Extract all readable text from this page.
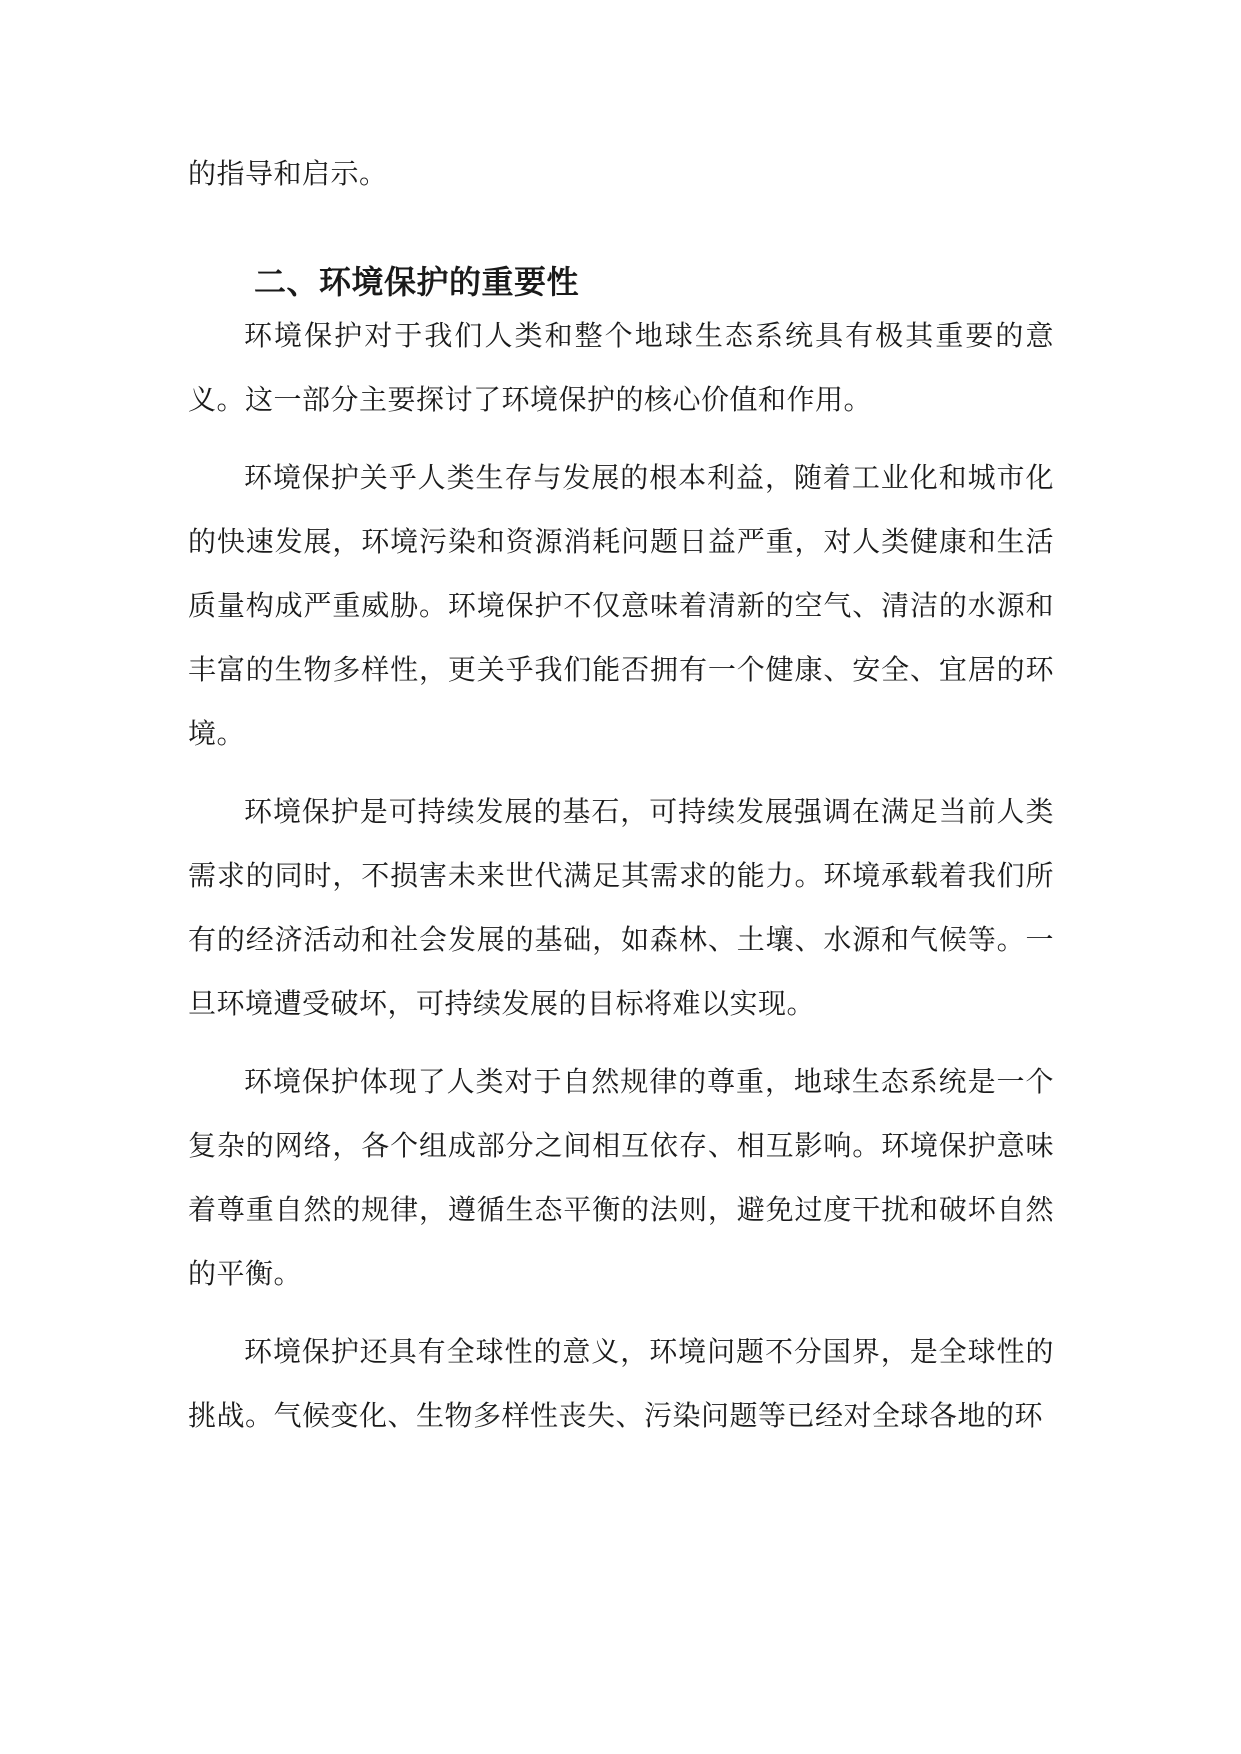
的指导和启示。

二、环境保护的重要性

环境保护对于我们人类和整个地球生态系统具有极其重要的意义。这一部分主要探讨了环境保护的核心价值和作用。

环境保护关乎人类生存与发展的根本利益，随着工业化和城市化的快速发展，环境污染和资源消耗问题日益严重，对人类健康和生活质量构成严重威胁。环境保护不仅意味着清新的空气、清洁的水源和丰富的生物多样性，更关乎我们能否拥有一个健康、安全、宜居的环境。

环境保护是可持续发展的基石，可持续发展强调在满足当前人类需求的同时，不损害未来世代满足其需求的能力。环境承载着我们所有的经济活动和社会发展的基础，如森林、土壤、水源和气候等。一旦环境遭受破坏，可持续发展的目标将难以实现。

环境保护体现了人类对于自然规律的尊重，地球生态系统是一个复杂的网络，各个组成部分之间相互依存、相互影响。环境保护意味着尊重自然的规律，遵循生态平衡的法则，避免过度干扰和破坏自然的平衡。

环境保护还具有全球性的意义，环境问题不分国界，是全球性的挑战。气候变化、生物多样性丧失、污染问题等已经对全球各地的环
